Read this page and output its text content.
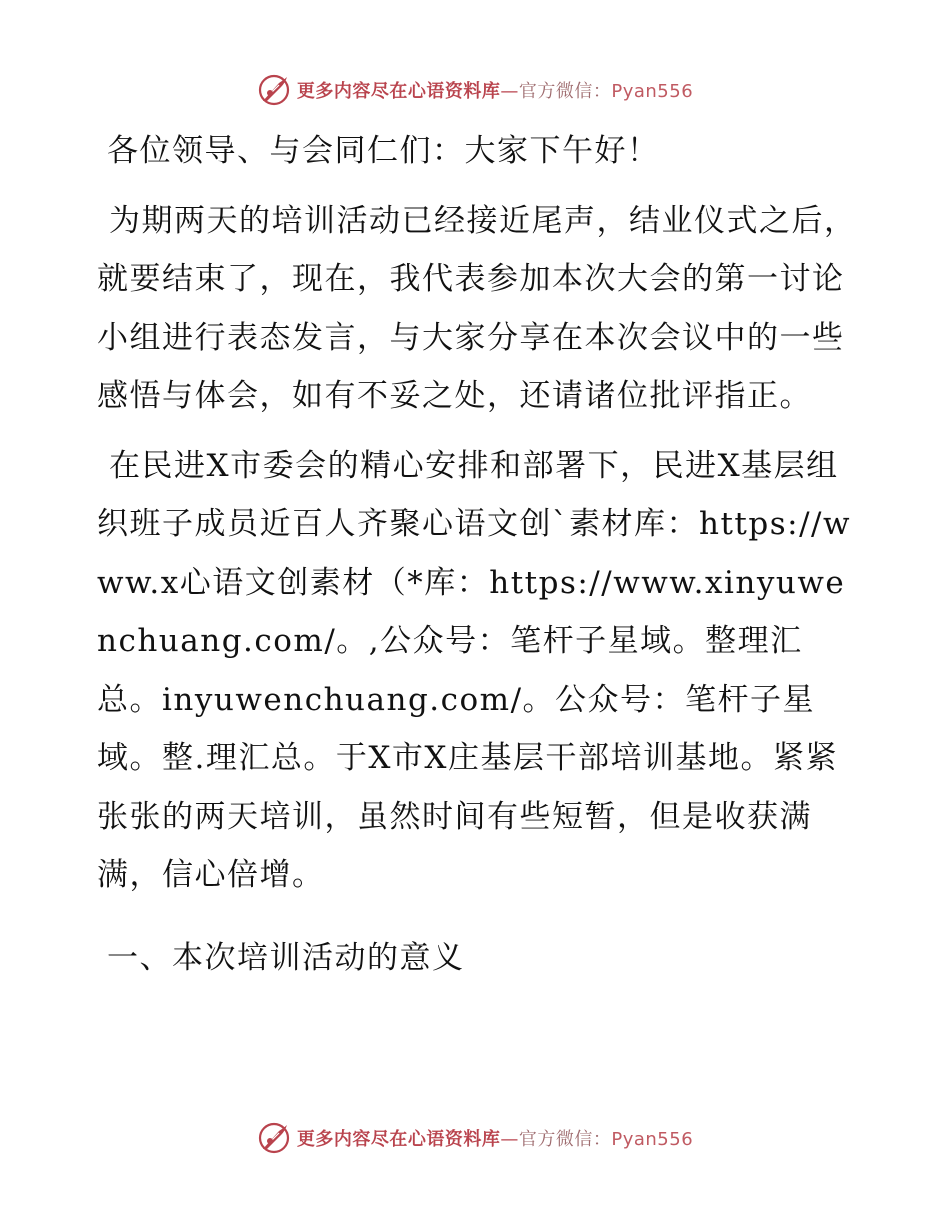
更多内容尽在心语资料库—官方微信：Pyan556

各位领导、与会同仁们：大家下午好！

为期两天的培训活动已经接近尾声，结业仪式之后，就要结束了，现在，我代表参加本次大会的第一讨论小组进行表态发言，与大家分享在本次会议中的一些感悟与体会，如有不妥之处，还请诸位批评指正。

在民进X市委会的精心安排和部署下，民进X基层组织班子成员近百人齐聚心语文创`素材库：https://www.x心语文创素材（*库：https://www.xinyuwenchuang.com/。,公众号：笔杆子星域。整理汇总。inyuwenchuang.com/。公众号：笔杆子星域。整.理汇总。于X市X庄基层干部培训基地。紧紧张张的两天培训，虽然时间有些短暂，但是收获满满，信心倍增。

一、本次培训活动的意义

更多内容尽在心语资料库—官方微信：Pyan556
